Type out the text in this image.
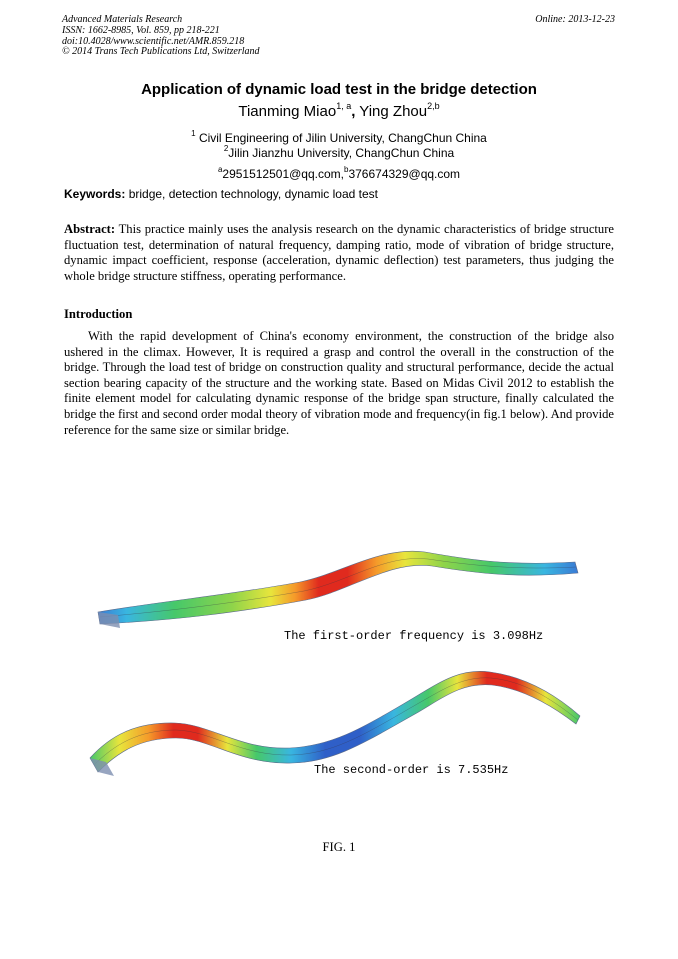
Advanced Materials Research
ISSN: 1662-8985, Vol. 859, pp 218-221
doi:10.4028/www.scientific.net/AMR.859.218
© 2014 Trans Tech Publications Ltd, Switzerland
Online: 2013-12-23
Application of dynamic load test in the bridge detection
Tianming Miao$^{1, a}$, Ying Zhou$^{2,b}$
$^1$ Civil Engineering of Jilin University, ChangChun China
$^2$Jilin Jianzhu University, ChangChun China
$^a$2951512501@qq.com,$^b$376674329@qq.com
Keywords: bridge, detection technology, dynamic load test
Abstract: This practice mainly uses the analysis research on the dynamic characteristics of bridge structure fluctuation test, determination of natural frequency, damping ratio, mode of vibration of bridge structure, dynamic impact coefficient, response (acceleration, dynamic deflection) test parameters, thus judging the whole bridge structure stiffness, operating performance.
Introduction
With the rapid development of China's economy environment, the construction of the bridge also ushered in the climax. However, It is required a grasp and control the overall in the construction of the bridge. Through the load test of bridge on construction quality and structural performance, decide the actual section bearing capacity of the structure and the working state. Based on Midas Civil 2012 to establish the finite element model for calculating dynamic response of the bridge span structure, finally calculated the bridge the first and second order modal theory of vibration mode and frequency(in fig.1 below). And provide reference for the same size or similar bridge.
The first-order frequency is 3.098Hz
The second-order is 7.535Hz
FIG. 1
